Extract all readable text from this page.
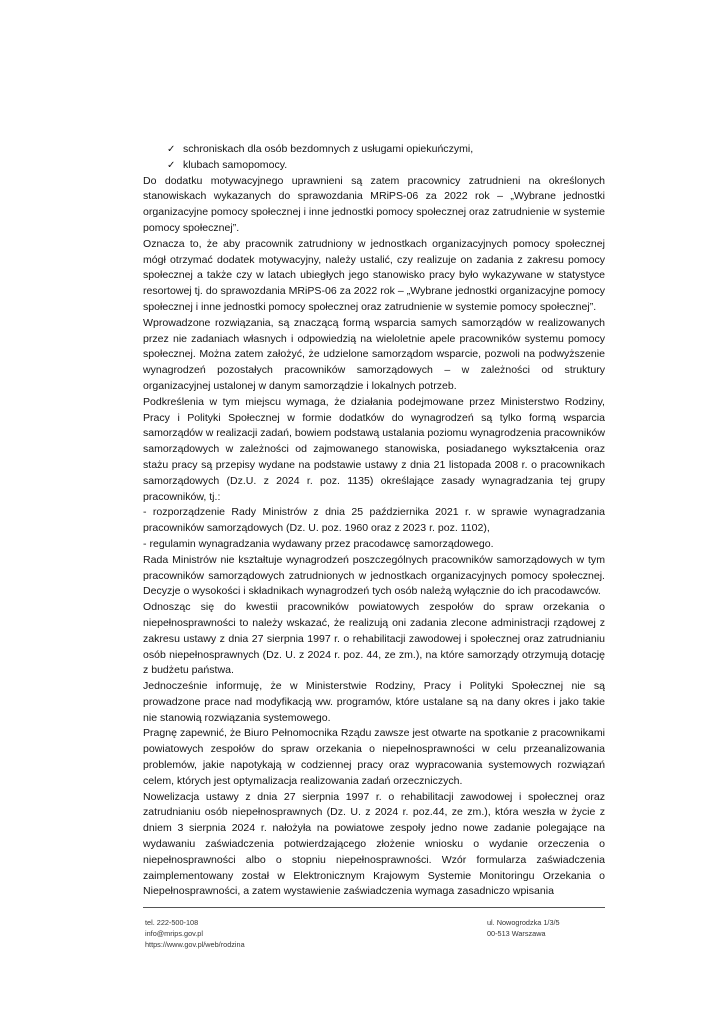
✓ schroniskach dla osób bezdomnych z usługami opiekuńczymi,
✓ klubach samopomocy.

Do dodatku motywacyjnego uprawnieni są zatem pracownicy zatrudnieni na określonych stanowiskach wykazanych do sprawozdania MRiPS-06 za 2022 rok – „Wybrane jednostki organizacyjne pomocy społecznej i inne jednostki pomocy społecznej oraz zatrudnienie w systemie pomocy społecznej”.

Oznacza to, że aby pracownik zatrudniony w jednostkach organizacyjnych pomocy społecznej mógł otrzymać dodatek motywacyjny, należy ustalić, czy realizuje on zadania z zakresu pomocy społecznej a także czy w latach ubiegłych jego stanowisko pracy było wykazywane w statystyce resortowej tj. do sprawozdania MRiPS-06 za 2022 rok – „Wybrane jednostki organizacyjne pomocy społecznej i inne jednostki pomocy społecznej oraz zatrudnienie w systemie pomocy społecznej”.

Wprowadzone rozwiązania, są znaczącą formą wsparcia samych samorządów w realizowanych przez nie zadaniach własnych i odpowiedzią na wieloletnie apele pracowników systemu pomocy społecznej. Można zatem założyć, że udzielone samorządom wsparcie, pozwoli na podwyższenie wynagrodzeń pozostałych pracowników samorządowych – w zależności od struktury organizacyjnej ustalonej w danym samorządzie i lokalnych potrzeb.

Podkreślenia w tym miejscu wymaga, że działania podejmowane przez Ministerstwo Rodziny, Pracy i Polityki Społecznej w formie dodatków do wynagrodzeń są tylko formą wsparcia samorządów w realizacji zadań, bowiem podstawą ustalania poziomu wynagrodzenia pracowników samorządowych w zależności od zajmowanego stanowiska, posiadanego wykształcenia oraz stażu pracy są przepisy wydane na podstawie ustawy z dnia 21 listopada 2008 r. o pracownikach samorządowych (Dz.U. z 2024 r. poz. 1135) określające zasady wynagradzania tej grupy pracowników, tj.:

- rozporządzenie Rady Ministrów z dnia 25 października 2021 r. w sprawie wynagradzania pracowników samorządowych (Dz. U. poz. 1960 oraz z 2023 r. poz. 1102),

- regulamin wynagradzania wydawany przez pracodawcę samorządowego.

Rada Ministrów nie kształtuje wynagrodzeń poszczególnych pracowników samorządowych w tym pracowników samorządowych zatrudnionych w jednostkach organizacyjnych pomocy społecznej. Decyzje o wysokości i składnikach wynagrodzeń tych osób należą wyłącznie do ich pracodawców.

Odnosząc się do kwestii pracowników powiatowych zespołów do spraw orzekania o niepełnosprawności to należy wskazać, że realizują oni zadania zlecone administracji rządowej z zakresu ustawy z dnia 27 sierpnia 1997 r. o rehabilitacji zawodowej i społecznej oraz zatrudnianiu osób niepełnosprawnych (Dz. U. z 2024 r. poz. 44, ze zm.), na które samorządy otrzymują dotację z budżetu państwa.

Jednocześnie informuję, że w Ministerstwie Rodziny, Pracy i Polityki Społecznej nie są prowadzone prace nad modyfikacją ww. programów, które ustalane są na dany okres i jako takie nie stanowią rozwiązania systemowego.

Pragnę zapewnić, że Biuro Pełnomocnika Rządu zawsze jest otwarte na spotkanie z pracownikami powiatowych zespołów do spraw orzekania o niepełnosprawności w celu przeanalizowania problemów, jakie napotykają w codziennej pracy oraz wypracowania systemowych rozwiązań celem, których jest optymalizacja realizowania zadań orzeczniczych.

Nowelizacja ustawy z dnia 27 sierpnia 1997 r. o rehabilitacji zawodowej i społecznej oraz zatrudnianiu osób niepełnosprawnych (Dz. U. z 2024 r. poz.44, ze zm.), która weszła w życie z dniem 3 sierpnia 2024 r. nałożyła na powiatowe zespoły jedno nowe zadanie polegające na wydawaniu zaświadczenia potwierdzającego złożenie wniosku o wydanie orzeczenia o niepełnosprawności albo o stopniu niepełnosprawności. Wzór formularza zaświadczenia zaimplementowany został w Elektronicznym Krajowym Systemie Monitoringu Orzekania o Niepełnosprawności, a zatem wystawienie zaświadczenia wymaga zasadniczo wpisania

tel. 222-500-108
info@mrips.gov.pl
https://www.gov.pl/web/rodzina
ul. Nowogrodzka 1/3/5
00-513 Warszawa
